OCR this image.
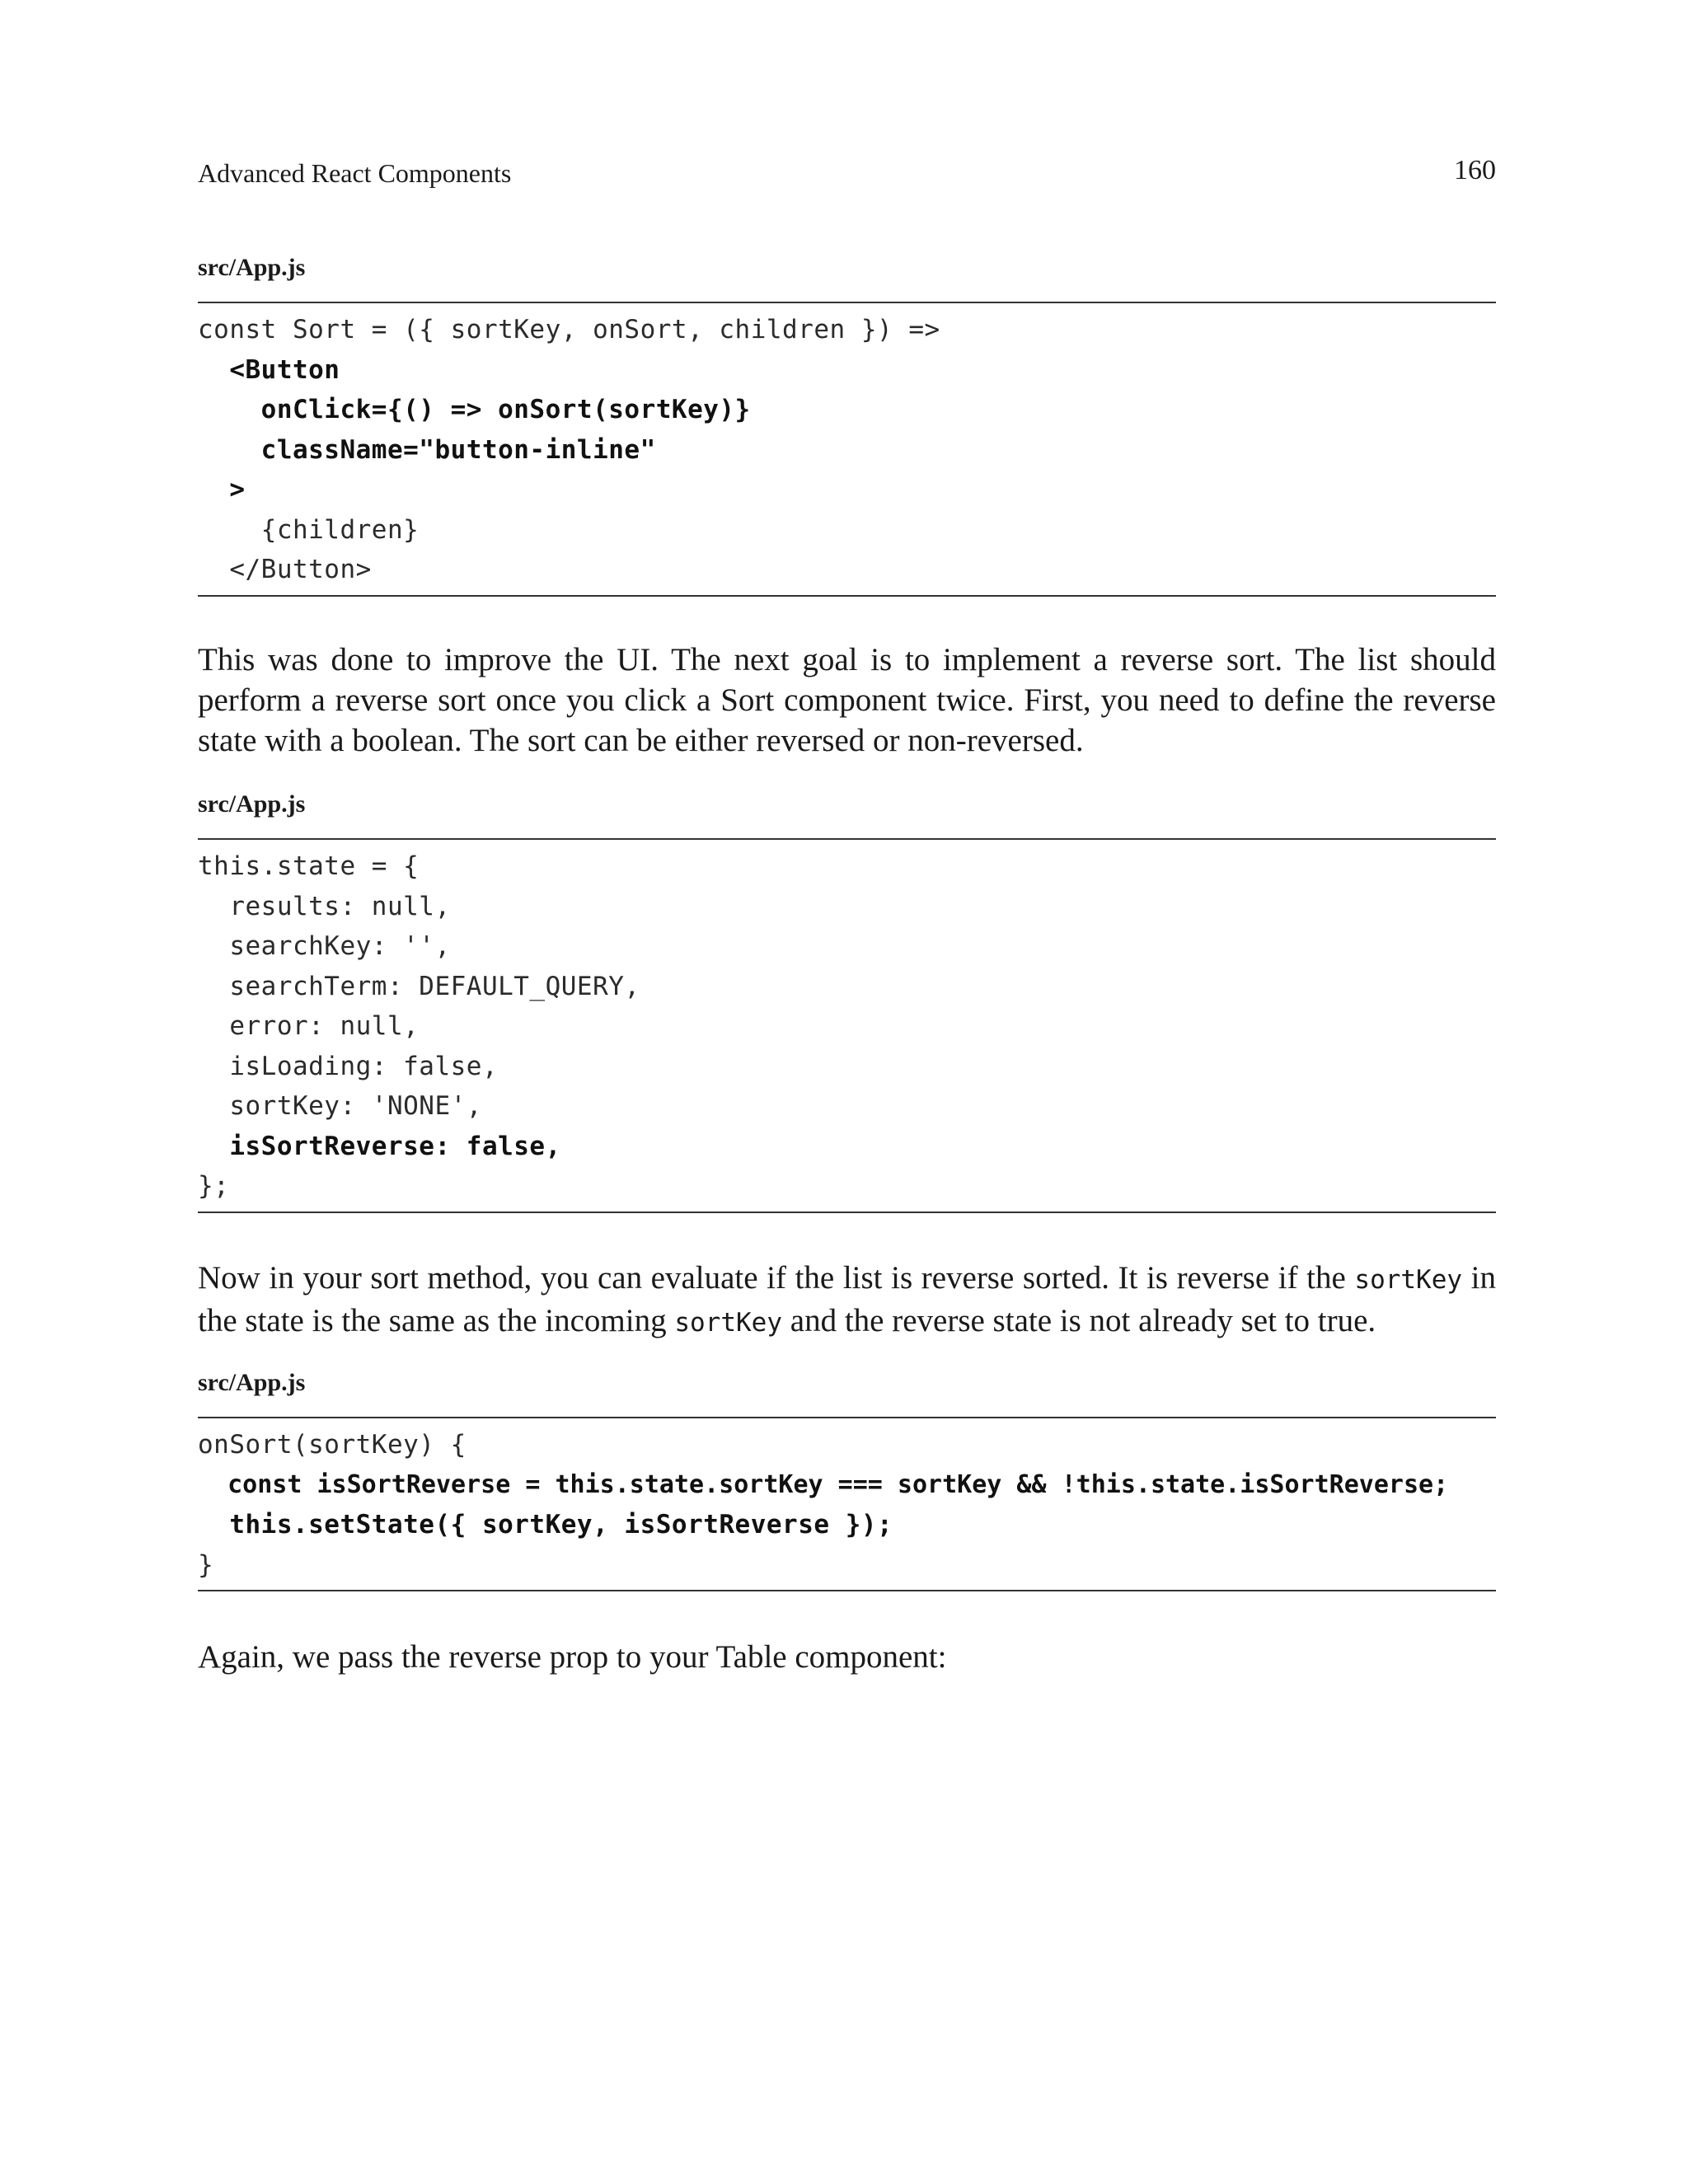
Advanced React Components	160
src/App.js
const Sort = ({ sortKey, onSort, children }) =>
<Button
onClick={() => onSort(sortKey)}
className="button-inline"
>
{children}
</Button>
This was done to improve the UI. The next goal is to implement a reverse sort. The list should perform a reverse sort once you click a Sort component twice. First, you need to define the reverse state with a boolean. The sort can be either reversed or non-reversed.
src/App.js
this.state = {
results: null,
searchKey: '',
searchTerm: DEFAULT_QUERY,
error: null,
isLoading: false,
sortKey: 'NONE',
isSortReverse: false,
};
Now in your sort method, you can evaluate if the list is reverse sorted. It is reverse if the sortKey in the state is the same as the incoming sortKey and the reverse state is not already set to true.
src/App.js
onSort(sortKey) {
const isSortReverse = this.state.sortKey === sortKey && !this.state.isSortReverse;
this.setState({ sortKey, isSortReverse });
}
Again, we pass the reverse prop to your Table component:
